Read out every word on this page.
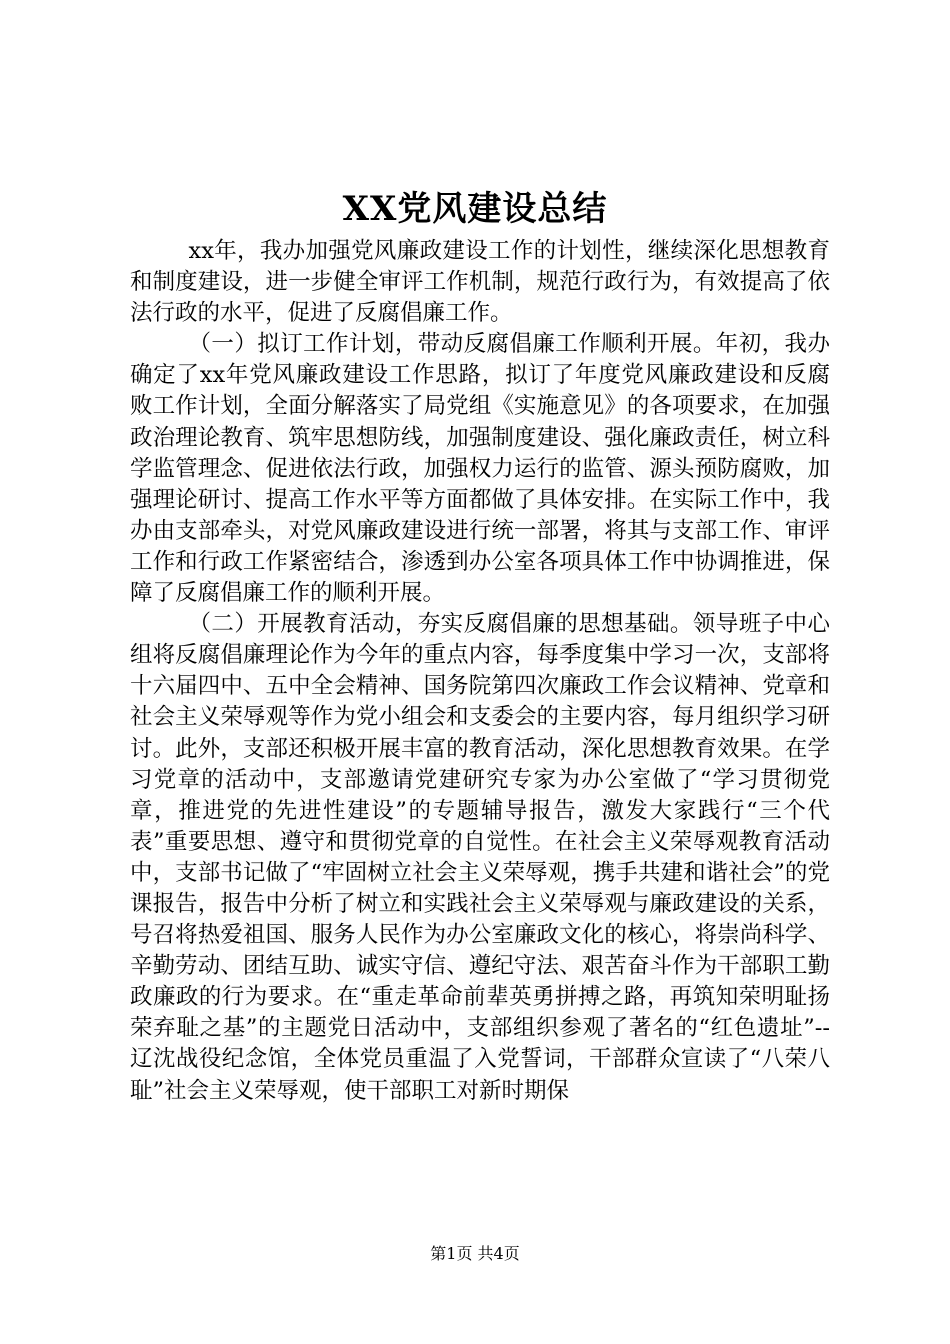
XX党风建设总结

xx年，我办加强党风廉政建设工作的计划性，继续深化思想教育和制度建设，进一步健全审评工作机制，规范行政行为，有效提高了依法行政的水平，促进了反腐倡廉工作。

（一）拟订工作计划，带动反腐倡廉工作顺利开展。年初，我办确定了xx年党风廉政建设工作思路，拟订了年度党风廉政建设和反腐败工作计划，全面分解落实了局党组《实施意见》的各项要求，在加强政治理论教育、筑牢思想防线，加强制度建设、强化廉政责任，树立科学监管理念、促进依法行政，加强权力运行的监管、源头预防腐败，加强理论研讨、提高工作水平等方面都做了具体安排。在实际工作中，我办由支部牵头，对党风廉政建设进行统一部署，将其与支部工作、审评工作和行政工作紧密结合，渗透到办公室各项具体工作中协调推进，保障了反腐倡廉工作的顺利开展。

（二）开展教育活动，夯实反腐倡廉的思想基础。领导班子中心组将反腐倡廉理论作为今年的重点内容，每季度集中学习一次，支部将十六届四中、五中全会精神、国务院第四次廉政工作会议精神、党章和社会主义荣辱观等作为党小组会和支委会的主要内容，每月组织学习研讨。此外，支部还积极开展丰富的教育活动，深化思想教育效果。在学习党章的活动中，支部邀请党建研究专家为办公室做了“学习贯彻党章，推进党的先进性建设”的专题辅导报告，激发大家践行“三个代表”重要思想、遵守和贯彻党章的自觉性。在社会主义荣辱观教育活动中，支部书记做了“牢固树立社会主义荣辱观，携手共建和谐社会”的党课报告，报告中分析了树立和实践社会主义荣辱观与廉政建设的关系，号召将热爱祖国、服务人民作为办公室廉政文化的核心，将崇尚科学、辛勤劳动、团结互助、诚实守信、遵纪守法、艰苦奋斗作为干部职工勤政廉政的行为要求。在“重走革命前辈英勇拼搏之路，再筑知荣明耻扬荣弃耻之基”的主题党日活动中，支部组织参观了著名的“红色遗址”--辽沈战役纪念馆，全体党员重温了入党誓词，干部群众宣读了“八荣八耻”社会主义荣辱观，使干部职工对新时期保

第1页 共4页
